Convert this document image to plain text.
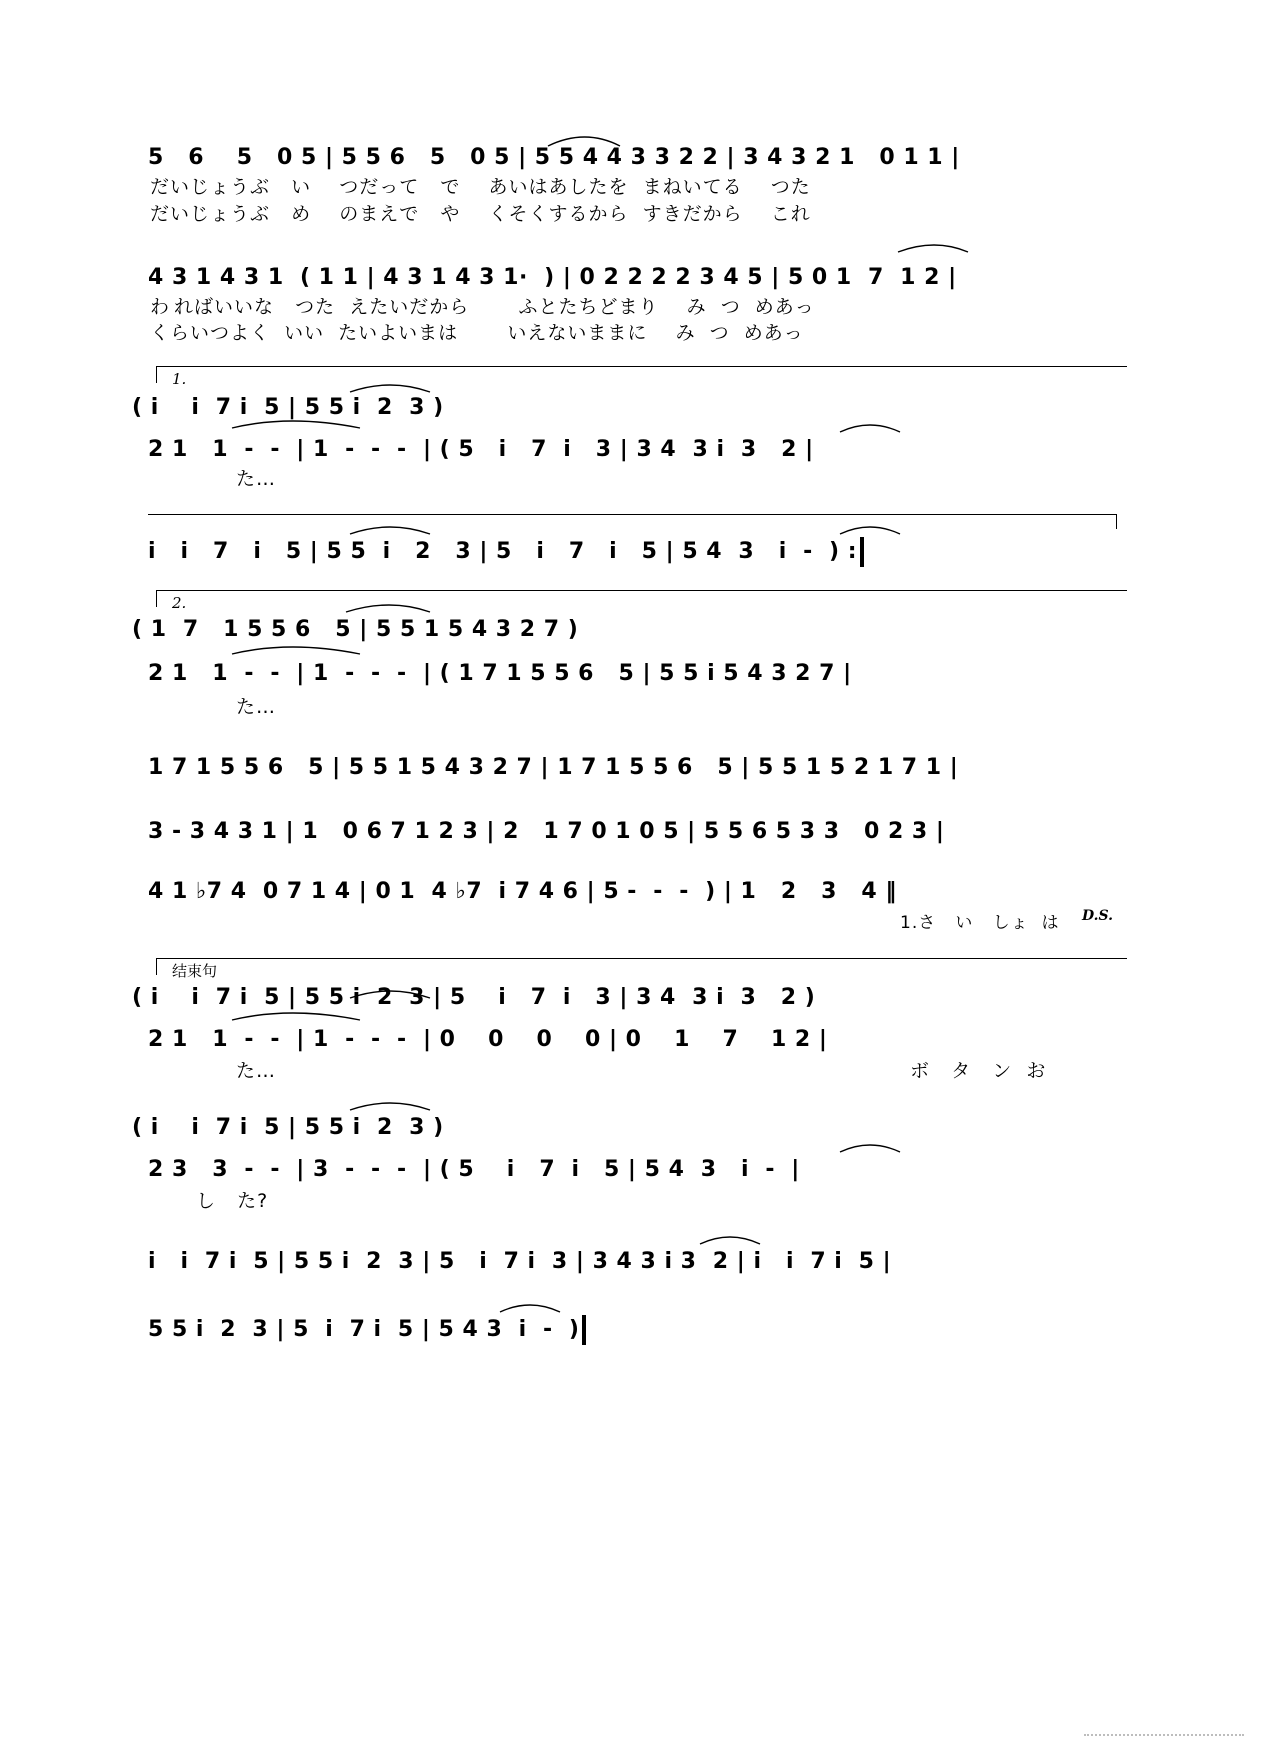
5   6    5   0 5 | 5 5 6   5   0 5 | 5 5 4 4 3 3 2 2 | 3 4 3 2 1   0 1 1 |
だいじょうぶ   い    つだって   で    あいはあしたを  まねいてる    つた
だいじょうぶ   め    のまえで   や    くそくするから  すきだから    これ
4 3 1 4 3 1  ( 1 1 | 4 3 1 4 3 1·  ) | 0 2 2 2 2 3 4 5 | 5 0 1  7  1 2 |
わ ればいいな   つた  えたいだから       ふとたちどまり    み  つ  めあっ
くらいつよく  いい  たいよいまは       いえないままに    み  つ  めあっ
1.
( i    i  7 i  5 | 5 5 i  2  3 )
2 1   1  -  -  | 1  -  -  -  | ( 5   i   7  i   3 | 3 4  3 i  3   2 |
た…
i   i   7   i   5 | 5 5  i   2   3 | 5   i   7   i   5 | 5 4  3   i  -  ) :
2.
( 1  7   1 5 5 6   5 | 5 5 1 5 4 3 2 7 )
2 1   1  -  -  | 1  -  -  -  | ( 1 7 1 5 5 6   5 | 5 5 i 5 4 3 2 7 |
た…
1 7 1 5 5 6   5 | 5 5 1 5 4 3 2 7 | 1 7 1 5 5 6   5 | 5 5 1 5 2 1 7 1 |
3 - 3 4 3 1 | 1   0 6 7 1 2 3 | 2   1 7 0 1 0 5 | 5 5 6 5 3 3   0 2 3 |
4 1 ♭7 4  0 7 1 4 | 0 1  4 ♭7  i 7 4 6 | 5 -  -  -  ) | 1   2   3   4 ‖
1.さ   い   しょ  は	D.S.
结束句
( i    i  7 i  5 | 5 5 i  2  3 | 5    i   7  i   3 | 3 4  3 i  3   2 )
2 1   1  -  -  | 1  -  -  -  | 0    0    0    0 | 0    1    7    1 2 |
た…	ボ   タ   ン  お
( i    i  7 i  5 | 5 5 i  2  3 )
2 3   3  -  -  | 3  -  -  -  | ( 5    i   7  i   5 | 5 4  3   i  -  |
し   た?
i   i  7 i  5 | 5 5 i  2  3 | 5   i  7 i  3 | 3 4 3 i 3  2 | i   i  7 i  5 |
5 5 i  2  3 | 5  i  7 i  5 | 5 4 3  i  -  )
